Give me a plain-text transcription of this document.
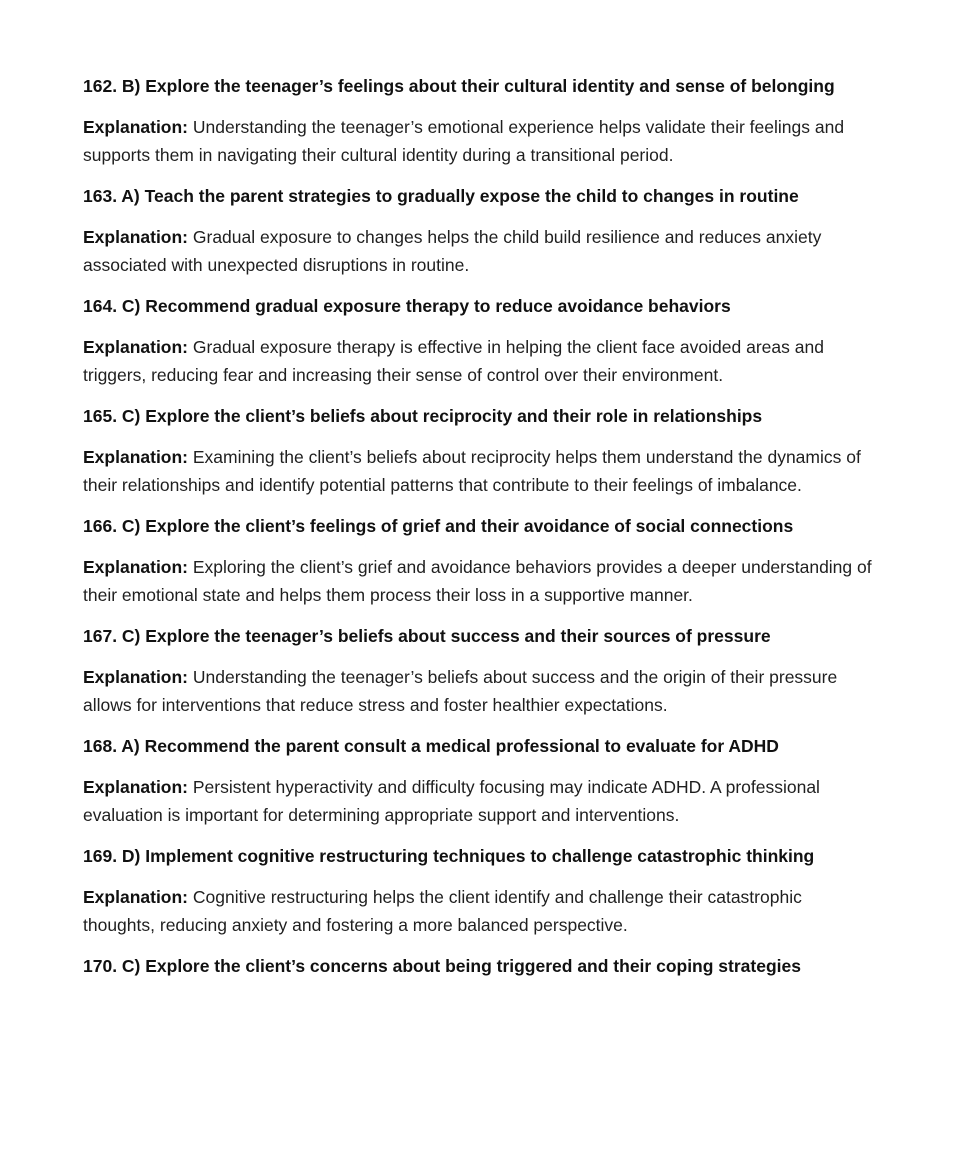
162. B) Explore the teenager’s feelings about their cultural identity and sense of belonging
Explanation: Understanding the teenager’s emotional experience helps validate their feelings and supports them in navigating their cultural identity during a transitional period.
163. A) Teach the parent strategies to gradually expose the child to changes in routine
Explanation: Gradual exposure to changes helps the child build resilience and reduces anxiety associated with unexpected disruptions in routine.
164. C) Recommend gradual exposure therapy to reduce avoidance behaviors
Explanation: Gradual exposure therapy is effective in helping the client face avoided areas and triggers, reducing fear and increasing their sense of control over their environment.
165. C) Explore the client’s beliefs about reciprocity and their role in relationships
Explanation: Examining the client’s beliefs about reciprocity helps them understand the dynamics of their relationships and identify potential patterns that contribute to their feelings of imbalance.
166. C) Explore the client’s feelings of grief and their avoidance of social connections
Explanation: Exploring the client’s grief and avoidance behaviors provides a deeper understanding of their emotional state and helps them process their loss in a supportive manner.
167. C) Explore the teenager’s beliefs about success and their sources of pressure
Explanation: Understanding the teenager’s beliefs about success and the origin of their pressure allows for interventions that reduce stress and foster healthier expectations.
168. A) Recommend the parent consult a medical professional to evaluate for ADHD
Explanation: Persistent hyperactivity and difficulty focusing may indicate ADHD. A professional evaluation is important for determining appropriate support and interventions.
169. D) Implement cognitive restructuring techniques to challenge catastrophic thinking
Explanation: Cognitive restructuring helps the client identify and challenge their catastrophic thoughts, reducing anxiety and fostering a more balanced perspective.
170. C) Explore the client’s concerns about being triggered and their coping strategies
